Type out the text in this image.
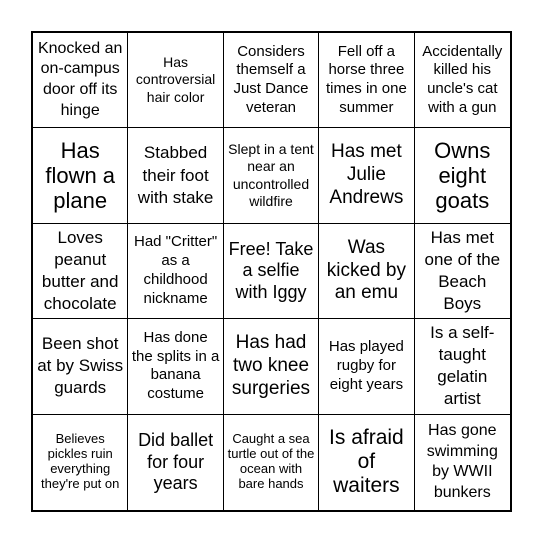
Knocked an on-campus door off its hinge
Has controversial hair color
Considers themself a Just Dance veteran
Fell off a horse three times in one summer
Accidentally killed his uncle's cat with a gun
Has flown a plane
Stabbed their foot with stake
Slept in a tent near an uncontrolled wildfire
Has met Julie Andrews
Owns eight goats
Loves peanut butter and chocolate
Had "Critter" as a childhood nickname
Free! Take a selfie with Iggy
Was kicked by an emu
Has met one of the Beach Boys
Been shot at by Swiss guards
Has done the splits in a banana costume
Has had two knee surgeries
Has played rugby for eight years
Is a self-taught gelatin artist
Believes pickles ruin everything they're put on
Did ballet for four years
Caught a sea turtle out of the ocean with bare hands
Is afraid of waiters
Has gone swimming by WWII bunkers
